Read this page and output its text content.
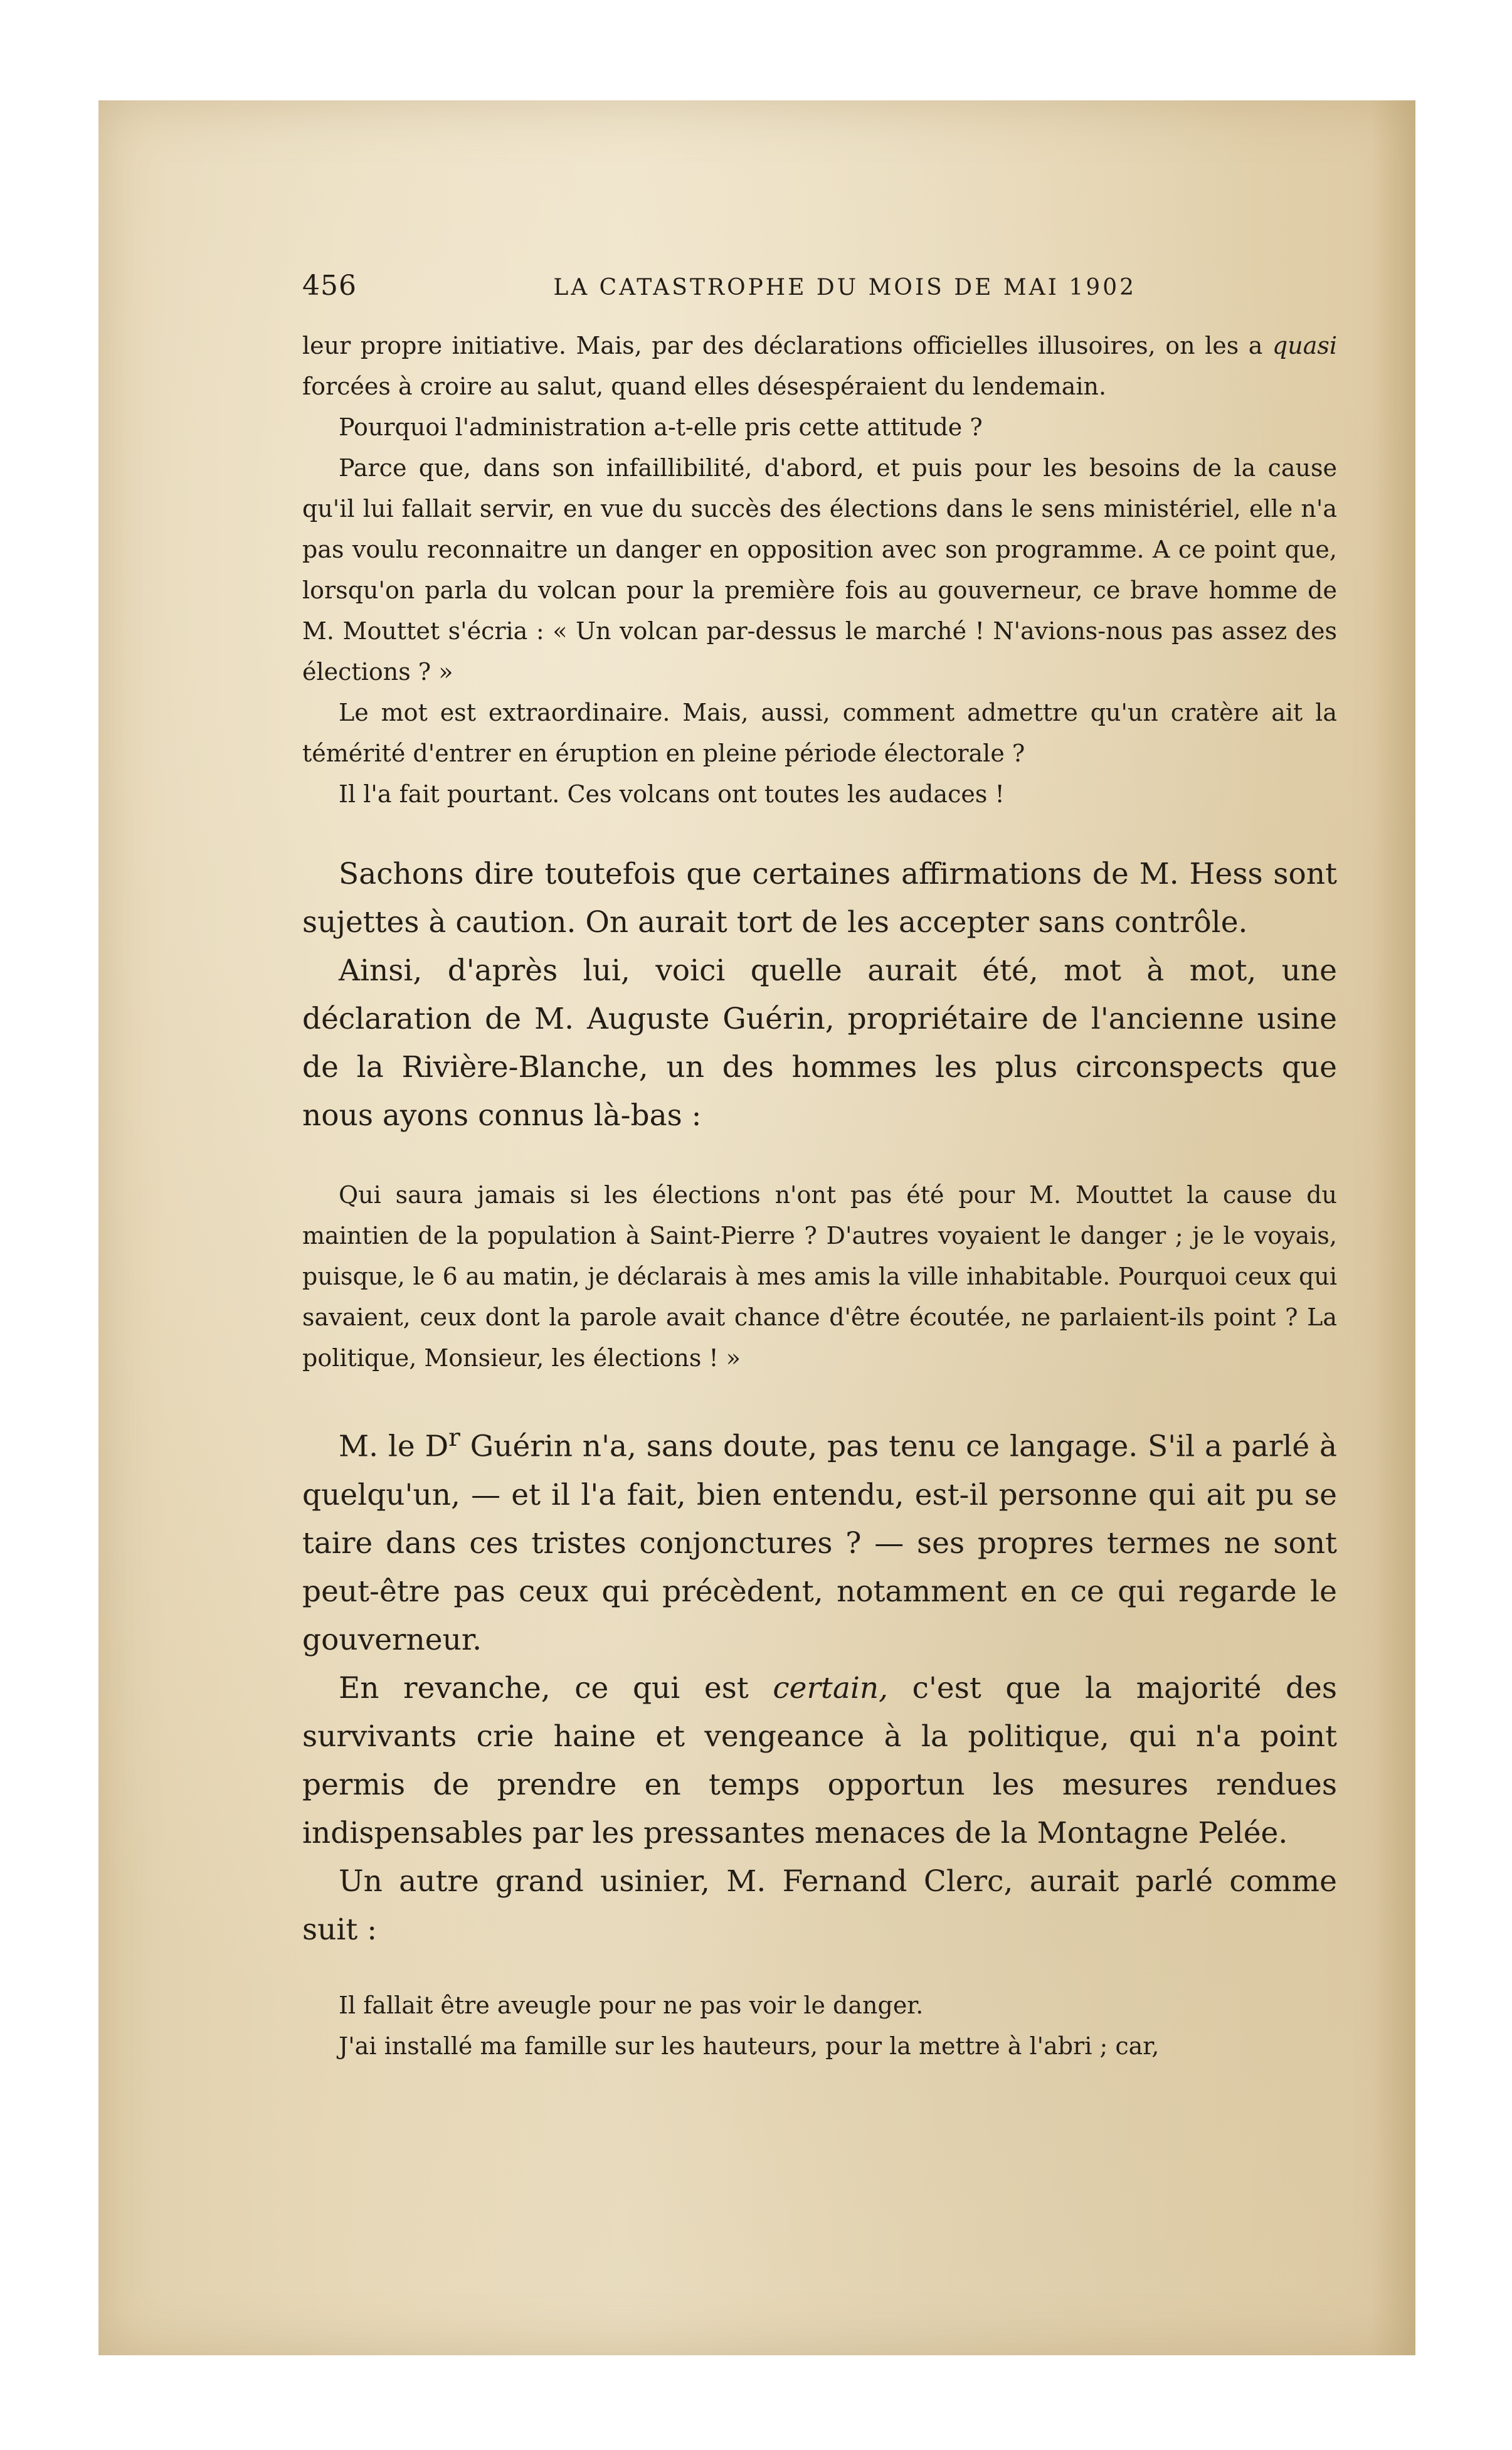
456	LA CATASTROPHE DU MOIS DE MAI 1902

leur propre initiative. Mais, par des déclarations officielles illusoires, on les a quasi forcées à croire au salut, quand elles désespéraient du lendemain.

Pourquoi l'administration a-t-elle pris cette attitude ?

Parce que, dans son infaillibilité, d'abord, et puis pour les besoins de la cause qu'il lui fallait servir, en vue du succès des élections dans le sens ministériel, elle n'a pas voulu reconnaitre un danger en opposition avec son programme. A ce point que, lorsqu'on parla du volcan pour la première fois au gouverneur, ce brave homme de M. Mouttet s'écria : « Un volcan par-dessus le marché ! N'avions-nous pas assez des élections ? »

Le mot est extraordinaire. Mais, aussi, comment admettre qu'un cratère ait la témérité d'entrer en éruption en pleine période électorale ?

Il l'a fait pourtant. Ces volcans ont toutes les audaces !

Sachons dire toutefois que certaines affirmations de M. Hess sont sujettes à caution. On aurait tort de les accepter sans contrôle.

Ainsi, d'après lui, voici quelle aurait été, mot à mot, une déclaration de M. Auguste Guérin, propriétaire de l'ancienne usine de la Rivière-Blanche, un des hommes les plus circonspects que nous ayons connus là-bas :

Qui saura jamais si les élections n'ont pas été pour M. Mouttet la cause du maintien de la population à Saint-Pierre ? D'autres voyaient le danger ; je le voyais, puisque, le 6 au matin, je déclarais à mes amis la ville inhabitable. Pourquoi ceux qui savaient, ceux dont la parole avait chance d'être écoutée, ne parlaient-ils point ? La politique, Monsieur, les élections ! »

M. le $D^r$ Guérin n'a, sans doute, pas tenu ce langage. S'il a parlé à quelqu'un, — et il l'a fait, bien entendu, est-il personne qui ait pu se taire dans ces tristes conjonctures ? — ses propres termes ne sont peut-être pas ceux qui précèdent, notamment en ce qui regarde le gouverneur.

En revanche, ce qui est certain, c'est que la majorité des survivants crie haine et vengeance à la politique, qui n'a point permis de prendre en temps opportun les mesures rendues indispensables par les pressantes menaces de la Montagne Pelée.

Un autre grand usinier, M. Fernand Clerc, aurait parlé comme suit :

Il fallait être aveugle pour ne pas voir le danger.

J'ai installé ma famille sur les hauteurs, pour la mettre à l'abri ; car,
